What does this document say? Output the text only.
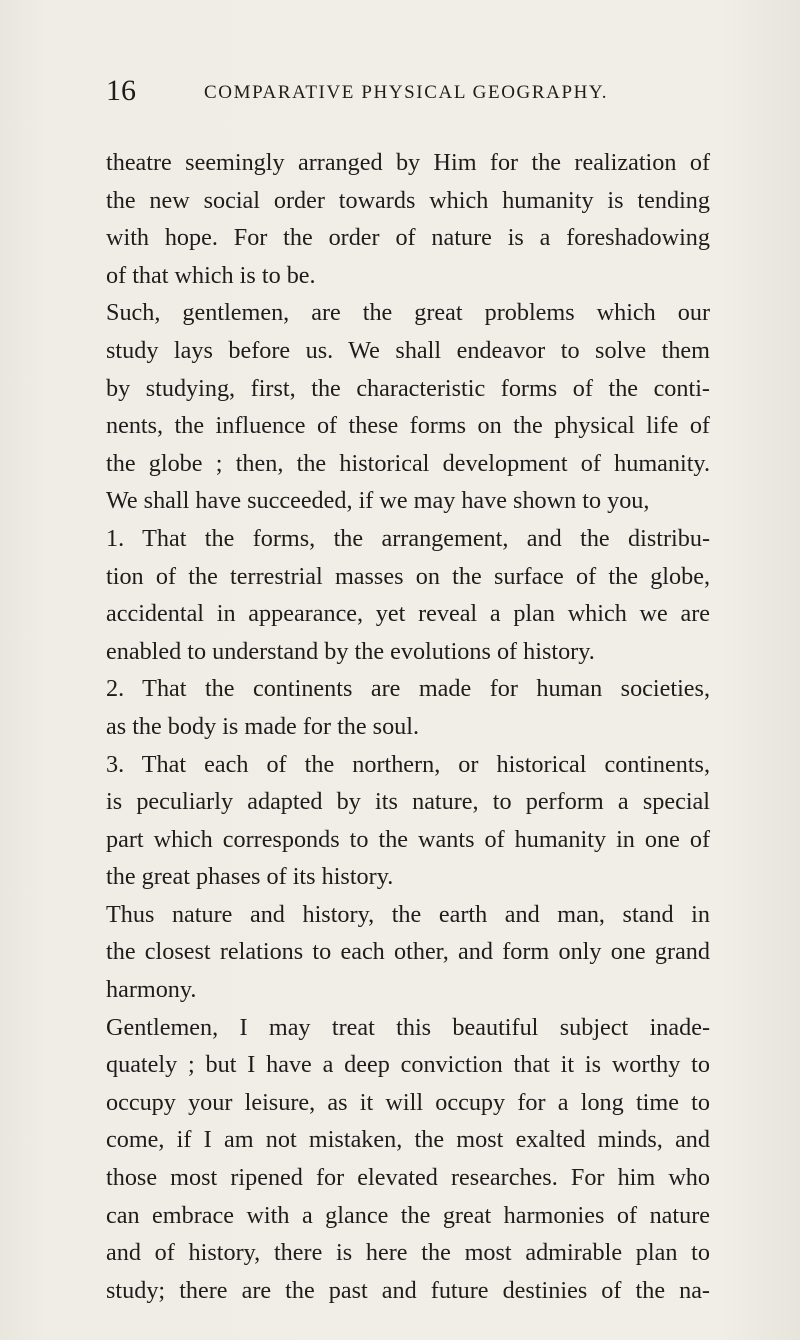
16	COMPARATIVE PHYSICAL GEOGRAPHY.
theatre seemingly arranged by Him for the realization of
the new social order towards which humanity is tending
with hope. For the order of nature is a foreshadowing
of that which is to be.
Such, gentlemen, are the great problems which our
study lays before us. We shall endeavor to solve them
by studying, first, the characteristic forms of the conti-
nents, the influence of these forms on the physical life of
the globe ; then, the historical development of humanity.
We shall have succeeded, if we may have shown to you,
1. That the forms, the arrangement, and the distribu-
tion of the terrestrial masses on the surface of the globe,
accidental in appearance, yet reveal a plan which we are
enabled to understand by the evolutions of history.
2. That the continents are made for human societies,
as the body is made for the soul.
3. That each of the northern, or historical continents,
is peculiarly adapted by its nature, to perform a special
part which corresponds to the wants of humanity in one of
the great phases of its history.
Thus nature and history, the earth and man, stand in
the closest relations to each other, and form only one grand
harmony.
Gentlemen, I may treat this beautiful subject inade-
quately ; but I have a deep conviction that it is worthy to
occupy your leisure, as it will occupy for a long time to
come, if I am not mistaken, the most exalted minds, and
those most ripened for elevated researches. For him who
can embrace with a glance the great harmonies of nature
and of history, there is here the most admirable plan to
study; there are the past and future destinies of the na-
